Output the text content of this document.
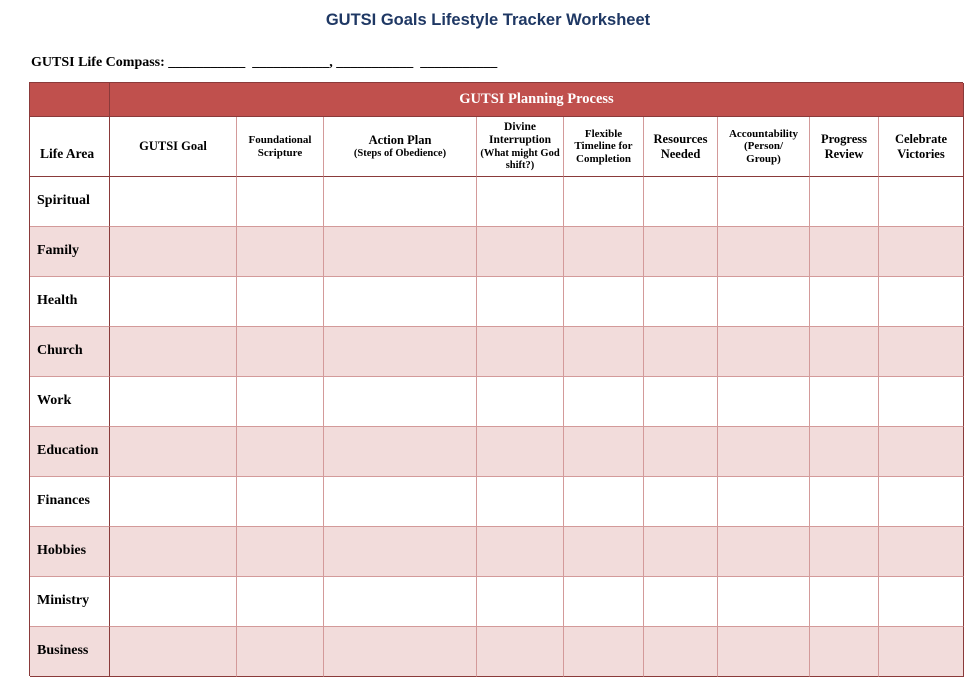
GUTSI Goals Lifestyle Tracker Worksheet
GUTSI Life Compass: ___________  ___________, ___________  ___________
GUTSI Planning Process
Life Area
GUTSI Goal	Foundational
Scripture
Action Plan
(Steps of Obedience)
Divine
Interruption
(What might God shift?)
Flexible
Timeline for
Completion
Resources
Needed
Accountability
(Person/
Group)
Progress
Review
Celebrate
Victories
Spiritual
Family
Health
Church
Work
Education
Finances
Hobbies
Ministry
Business
